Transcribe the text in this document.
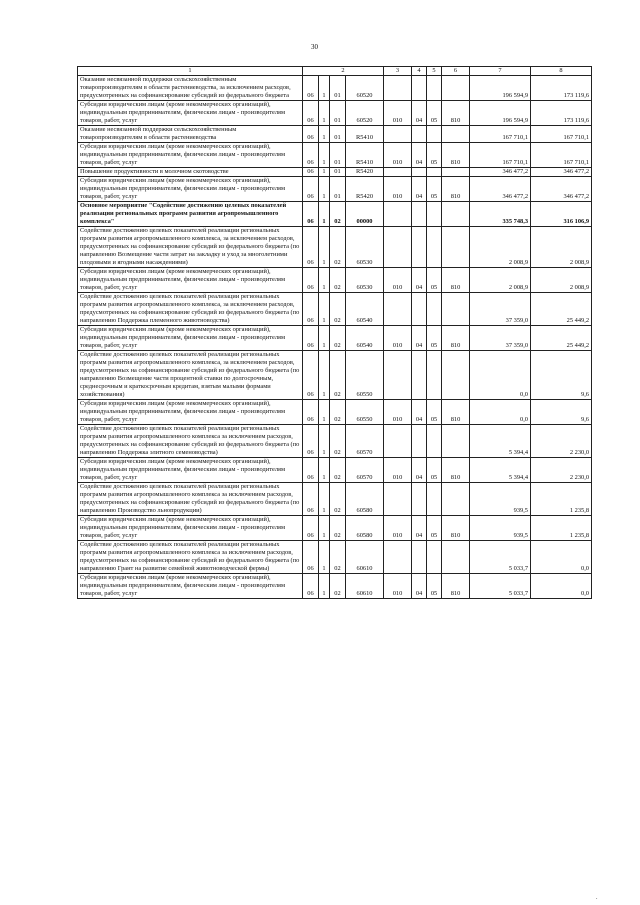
30
1	2				3	4	5	6	7	8
Оказание несвязанной поддержки сельскохозяйственным товаропроизводителям в области растениеводства, за исключением расходов, предусмотренных на софинансирование субсидий из федерального бюджета	06	1	01	60520					196 594,9	173 119,6
Субсидии юридическим лицам (кроме некоммерческих организаций), индивидуальным предпринимателям, физическим лицам - производителям товаров, работ, услуг	06	1	01	60520	010	04	05	810	196 594,9	173 119,6
Оказание несвязанной поддержки сельскохозяйственным товаропроизводителям в области растениеводства	06	1	01	R5410					167 710,1	167 710,1
Субсидии юридическим лицам (кроме некоммерческих организаций), индивидуальным предпринимателям, физическим лицам - производителям товаров, работ, услуг	06	1	01	R5410	010	04	05	810	167 710,1	167 710,1
Повышение продуктивности в молочном скотоводстве	06	1	01	R5420					346 477,2	346 477,2
Субсидии юридическим лицам (кроме некоммерческих организаций), индивидуальным предпринимателям, физическим лицам - производителям товаров, работ, услуг	06	1	01	R5420	010	04	05	810	346 477,2	346 477,2
Основное мероприятие "Содействие достижению целевых показателей реализации региональных программ развития агропромышленного комплекса"	06	1	02	00000					335 748,3	316 106,9
Содействие достижению целевых показателей реализации региональных программ развития агропромышленного комплекса, за исключением расходов, предусмотренных на софинансирование субсидий из федерального бюджета (по направлению Возмещение части затрат на закладку и уход за многолетними плодовыми и ягодными насаждениями)	06	1	02	60530					2 008,9	2 008,9
Субсидии юридическим лицам (кроме некоммерческих организаций), индивидуальным предпринимателям, физическим лицам - производителям товаров, работ, услуг	06	1	02	60530	010	04	05	810	2 008,9	2 008,9
Содействие достижению целевых показателей реализации региональных программ развития агропромышленного комплекса, за исключением расходов, предусмотренных на софинансирование субсидий из федерального бюджета (по направлению Поддержка племенного животноводства)	06	1	02	60540					37 359,0	25 449,2
Субсидии юридическим лицам (кроме некоммерческих организаций), индивидуальным предпринимателям, физическим лицам - производителям товаров, работ, услуг	06	1	02	60540	010	04	05	810	37 359,0	25 449,2
Содействие достижению целевых показателей реализации региональных программ развития агропромышленного комплекса, за исключением расходов, предусмотренных на софинансирование субсидий из федерального бюджета (по направлению Возмещение части процентной ставки по долгосрочным, среднесрочным и краткосрочным кредитам, взятым малыми формами хозяйствования)	06	1	02	60550					0,0	9,6
Субсидии юридическим лицам (кроме некоммерческих организаций), индивидуальным предпринимателям, физическим лицам - производителям товаров, работ, услуг	06	1	02	60550	010	04	05	810	0,0	9,6
Содействие достижению целевых показателей реализации региональных программ развития агропромышленного комплекса за исключением расходов, предусмотренных на софинансирование субсидий из федерального бюджета (по направлению Поддержка элитного семеноводства)	06	1	02	60570					5 394,4	2 230,0
Субсидии юридическим лицам (кроме некоммерческих организаций), индивидуальным предпринимателям, физическим лицам - производителям товаров, работ, услуг	06	1	02	60570	010	04	05	810	5 394,4	2 230,0
Содействие достижению целевых показателей реализации региональных программ развития агропромышленного комплекса за исключением расходов, предусмотренных на софинансирование субсидий из федерального бюджета (по направлению Производство льнопродукции)	06	1	02	60580					939,5	1 235,8
Субсидии юридическим лицам (кроме некоммерческих организаций), индивидуальным предпринимателям, физическим лицам - производителям товаров, работ, услуг	06	1	02	60580	010	04	05	810	939,5	1 235,8
Содействие достижению целевых показателей реализации региональных программ развития агропромышленного комплекса за исключением расходов, предусмотренных на софинансирование субсидий из федерального бюджета (по направлению Грант на развитие семейной животноводческой фермы)	06	1	02	60610					5 033,7	0,0
Субсидии юридическим лицам (кроме некоммерческих организаций), индивидуальным предпринимателям, физическим лицам - производителям товаров, работ, услуг	06	1	02	60610	010	04	05	810	5 033,7	0,0
.
